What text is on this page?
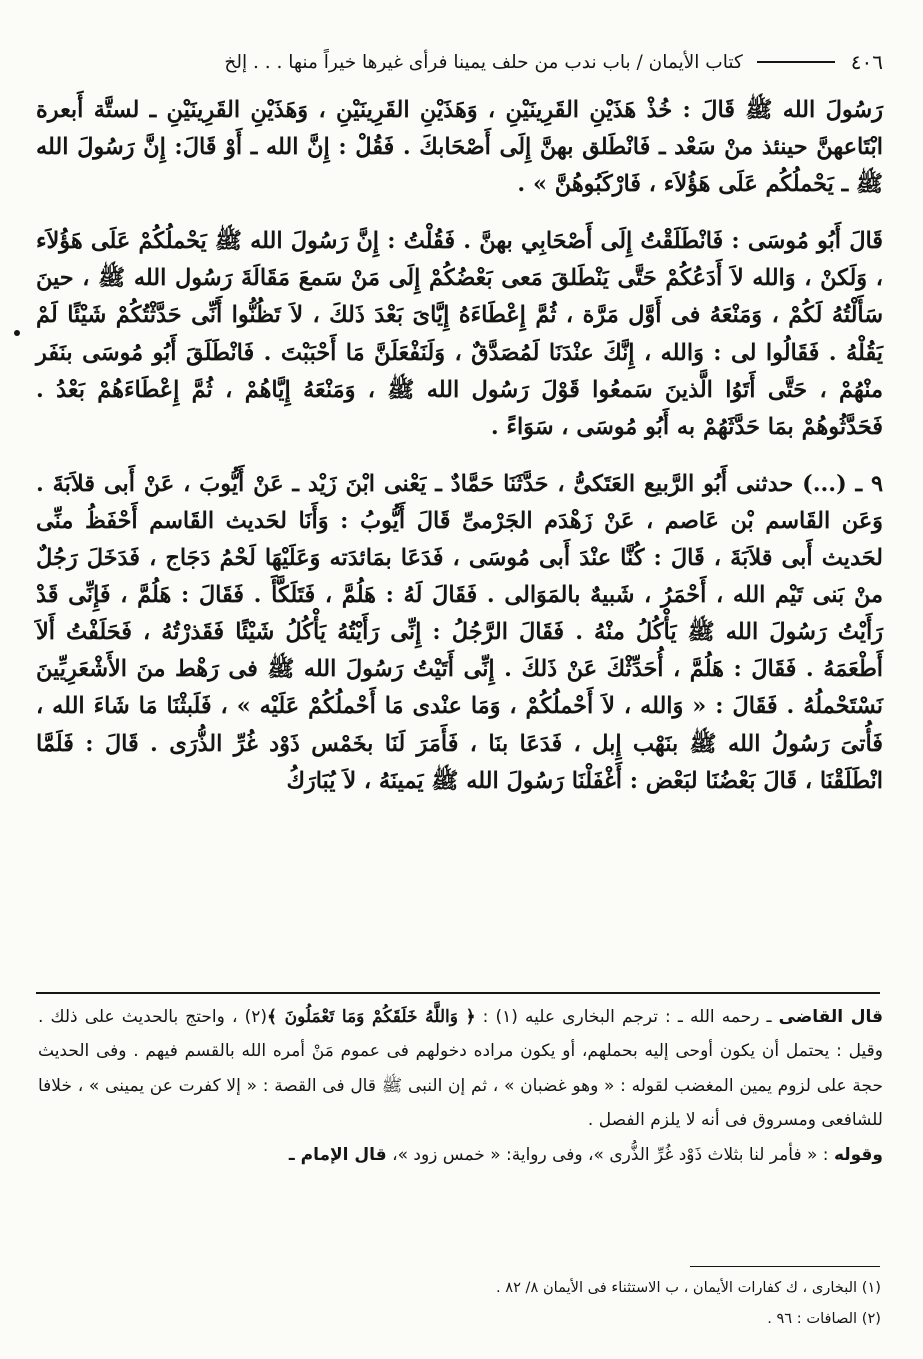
٤٠٦
كتاب الأيمان / باب ندب من حلف يمينا فرأى غيرها خيراً منها . . . إلخ

رَسُولَ الله ﷺ قَالَ : خُذْ هَذَيْنِ القَرِينَيْنِ ، وَهَذَيْنِ القَرِينَيْنِ ، وَهَذَيْنِ القَرِينَيْنِ ـ لستَّة أَبعرة ابْتَاعهنَّ حينئذ منْ سَعْد ـ فَانْطَلق بهنَّ إِلَى أَصْحَابكَ . فَقُلْ : إِنَّ الله ـ أَوْ قَالَ: إِنَّ رَسُولَ الله ﷺ ـ يَحْملُكُم عَلَى هَؤُلاَء ، فَارْكَبُوهُنَّ » .

قَالَ أَبُو مُوسَى : فَانْطَلَقْتُ إِلَى أَصْحَابِي بهنَّ . فَقُلْتُ : إِنَّ رَسُولَ الله ﷺ يَحْملُكُمْ عَلَى هَؤُلاَء ، وَلَكنْ ، وَالله لاَ أَدَعُكُمْ حَتَّى يَنْطَلقَ مَعى بَعْضُكُمْ إِلَى مَنْ سَمعَ مَقَالَةَ رَسُول الله ﷺ ، حينَ سَأَلْتُهُ لَكُمْ ، وَمَنْعَهُ فى أَوَّل مَرَّة ، ثُمَّ إِعْطَاءَهُ إِيَّاىَ بَعْدَ ذَلكَ ، لاَ تَظُنُّوا أَنِّى حَدَّثْتُكُمْ شَيْئًا لَمْ يَقُلْهُ . فَقَالُوا لى : وَالله ، إِنَّكَ عنْدَنَا لَمُصَدَّقٌ ، وَلَنَفْعَلَنَّ مَا أَحْبَبْتَ . فَانْطَلَقَ أَبُو مُوسَى بنَفَر منْهُمْ ، حَتَّى أَتَوُا الَّذينَ سَمعُوا قَوْلَ رَسُول الله ﷺ ، وَمَنْعَهُ إِيَّاهُمْ ، ثُمَّ إِعْطَاءَهُمْ بَعْدُ . فَحَدَّثُوهُمْ بمَا حَدَّثَهُمْ به أَبُو مُوسَى ، سَوَاءً .

٩ ـ (...) حدثنى أَبُو الرَّبيع العَتَكىُّ ، حَدَّثَنَا حَمَّادٌ ـ يَعْنى ابْنَ زَيْد ـ عَنْ أَيُّوبَ ، عَنْ أَبى قلاَبَةَ . وَعَن القَاسم بْن عَاصم ، عَنْ زَهْدَم الجَرْمىِّ قَالَ أَيُّوبُ : وَأَنَا لحَديث القَاسم أَحْفَظُ منِّى لحَديث أَبى قلاَبَةَ ، قَالَ : كُنَّا عنْدَ أَبى مُوسَى ، فَدَعَا بمَائدَته وَعَلَيْهَا لَحْمُ دَجَاج ، فَدَخَلَ رَجُلٌ منْ بَنى تَيْم الله ، أَحْمَرُ ، شَبيهٌ بالمَوَالى . فَقَالَ لَهُ : هَلُمَّ ، فَتَلَكَّأَ . فَقَالَ : هَلُمَّ ، فَإِنِّى قَدْ رَأَيْتُ رَسُولَ الله ﷺ يَأْكُلُ منْهُ . فَقَالَ الرَّجُلُ : إِنِّى رَأَيْتُهُ يَأْكُلُ شَيْئًا فَقَذرْتُهُ ، فَحَلَفْتُ أَلاَ أَطْعَمَهُ . فَقَالَ : هَلُمَّ ، أُحَدِّثْكَ عَنْ ذَلكَ . إِنِّى أَتَيْتُ رَسُولَ الله ﷺ فى رَهْط منَ الأَشْعَرِيِّينَ نَسْتَحْملُهُ . فَقَالَ : « وَالله ، لاَ أَحْملُكُمْ ، وَمَا عنْدى مَا أَحْملُكُمْ عَلَيْه » ، فَلَبثْنَا مَا شَاءَ الله ، فَأُتىَ رَسُولُ الله ﷺ بنَهْب إِبل ، فَدَعَا بنَا ، فَأَمَرَ لَنَا بخَمْس ذَوْد غُرِّ الذُّرَى . قَالَ : فَلَمَّا انْطَلَقْنَا ، قَالَ بَعْضُنَا لبَعْض : أَغْفَلْنَا رَسُولَ الله ﷺ يَمينَهُ ، لاَ يُبَارَكُ

قال القاضى ـ رحمه الله ـ : ترجم البخارى عليه (١) : ﴿ وَاللَّهُ خَلَقَكُمْ وَمَا تَعْمَلُونَ ﴾(٢) ، واحتج بالحديث على ذلك . وقيل : يحتمل أن يكون أوحى إليه بحملهم، أو يكون مراده دخولهم فى عموم مَنْ أمره الله بالقسم فيهم . وفى الحديث حجة على لزوم يمين المغضب لقوله : « وهو غضبان » ، ثم إن النبى ﷺ قال فى القصة : « إلا كفرت عن يمينى » ، خلافا للشافعى ومسروق فى أنه لا يلزم الفصل .

وقوله : « فأمر لنا بثلاث ذَوْد غُرِّ الذُّرى »، وفى رواية: « خمس زود »، قال الإمام ـ

(١) البخارى ، ك كفارات الأيمان ، ب الاستثناء فى الأيمان ٨/ ٨٢ .
(٢) الصافات : ٩٦ .
